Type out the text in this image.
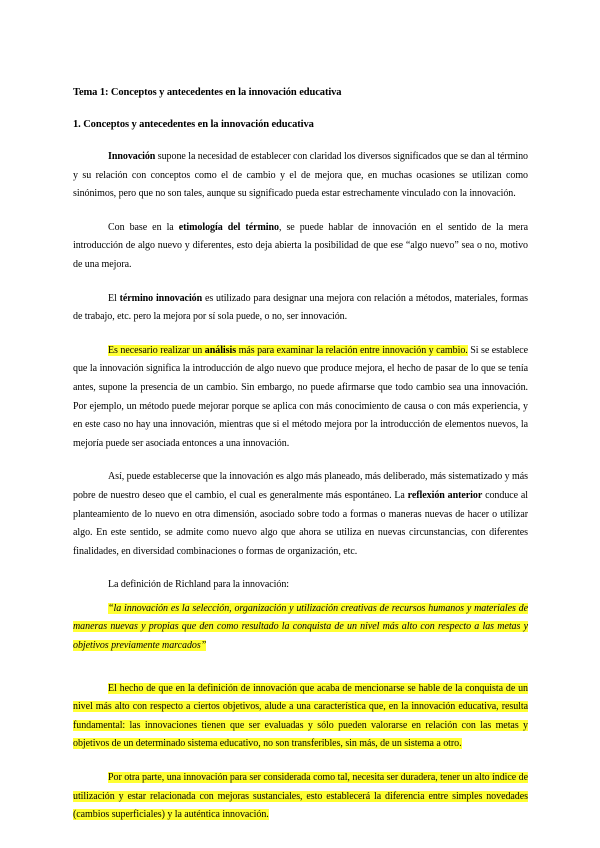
Tema 1: Conceptos y antecedentes en la innovación educativa
1. Conceptos y antecedentes en la innovación educativa

Innovación supone la necesidad de establecer con claridad los diversos significados que se dan al término y su relación con conceptos como el de cambio y el de mejora que, en muchas ocasiones se utilizan como sinónimos, pero que no son tales, aunque su significado pueda estar estrechamente vinculado con la innovación.

Con base en la etimología del término, se puede hablar de innovación en el sentido de la mera introducción de algo nuevo y diferentes, esto deja abierta la posibilidad de que ese “algo nuevo” sea o no, motivo de una mejora.

El término innovación es utilizado para designar una mejora con relación a métodos, materiales, formas de trabajo, etc. pero la mejora por sí sola puede, o no, ser innovación.

Es necesario realizar un análisis más para examinar la relación entre innovación y cambio. Si se establece que la innovación significa la introducción de algo nuevo que produce mejora, el hecho de pasar de lo que se tenía antes, supone la presencia de un cambio. Sin embargo, no puede afirmarse que todo cambio sea una innovación. Por ejemplo, un método puede mejorar porque se aplica con más conocimiento de causa o con más experiencia, y en este caso no hay una innovación, mientras que si el método mejora por la introducción de elementos nuevos, la mejoría puede ser asociada entonces a una innovación.

Así, puede establecerse que la innovación es algo más planeado, más deliberado, más sistematizado y más pobre de nuestro deseo que el cambio, el cual es generalmente más espontáneo. La reflexión anterior conduce al planteamiento de lo nuevo en otra dimensión, asociado sobre todo a formas o maneras nuevas de hacer o utilizar algo. En este sentido, se admite como nuevo algo que ahora se utiliza en nuevas circunstancias, con diferentes finalidades, en diversidad combinaciones o formas de organización, etc.

La definición de Richland para la innovación:

“la innovación es la selección, organización y utilización creativas de recursos humanos y materiales de maneras nuevas y propias que den como resultado la conquista de un nivel más alto con respecto a las metas y objetivos previamente marcados”

El hecho de que en la definición de innovación que acaba de mencionarse se hable de la conquista de un nivel más alto con respecto a ciertos objetivos, alude a una característica que, en la innovación educativa, resulta fundamental: las innovaciones tienen que ser evaluadas y sólo pueden valorarse en relación con las metas y objetivos de un determinado sistema educativo, no son transferibles, sin más, de un sistema a otro.

Por otra parte, una innovación para ser considerada como tal, necesita ser duradera, tener un alto índice de utilización y estar relacionada con mejoras sustanciales, esto establecerá la diferencia entre simples novedades (cambios superficiales) y la auténtica innovación.
